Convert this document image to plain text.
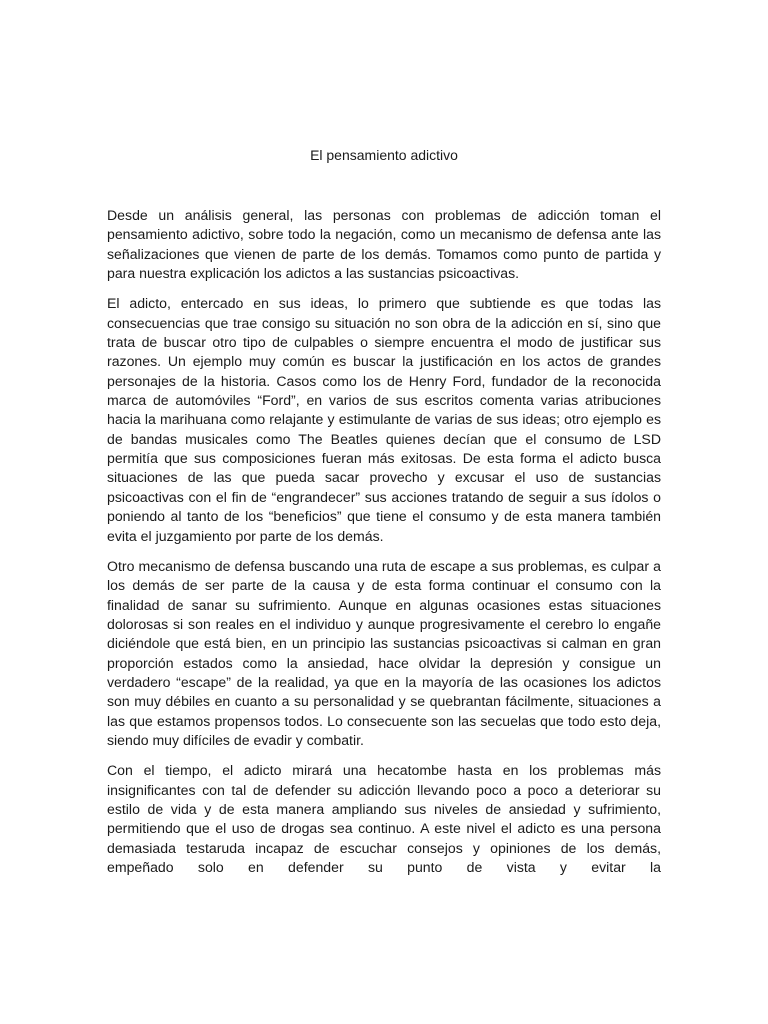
El pensamiento adictivo

Desde un análisis general, las personas con problemas de adicción toman el pensamiento adictivo, sobre todo la negación, como un mecanismo de defensa ante las señalizaciones que vienen de parte de los demás. Tomamos como punto de partida y para nuestra explicación los adictos a las sustancias psicoactivas.

El adicto, entercado en sus ideas, lo primero que subtiende es que todas las consecuencias que trae consigo su situación no son obra de la adicción en sí, sino que trata de buscar otro tipo de culpables o siempre encuentra el modo de justificar sus razones. Un ejemplo muy común es buscar la justificación en los actos de grandes personajes de la historia. Casos como los de Henry Ford, fundador de la reconocida marca de automóviles “Ford”, en varios de sus escritos comenta varias atribuciones hacia la marihuana como relajante y estimulante de varias de sus ideas; otro ejemplo es de bandas musicales como The Beatles quienes decían que el consumo de LSD permitía que sus composiciones fueran más exitosas. De esta forma el adicto busca situaciones de las que pueda sacar provecho y excusar el uso de sustancias psicoactivas con el fin de “engrandecer” sus acciones tratando de seguir a sus ídolos o poniendo al tanto de los “beneficios” que tiene el consumo y de esta manera también evita el juzgamiento por parte de los demás.

Otro mecanismo de defensa buscando una ruta de escape a sus problemas, es culpar a los demás de ser parte de la causa y de esta forma continuar el consumo con la finalidad de sanar su sufrimiento. Aunque en algunas ocasiones estas situaciones dolorosas si son reales en el individuo y aunque progresivamente el cerebro lo engañe diciéndole que está bien, en un principio las sustancias psicoactivas si calman en gran proporción estados como la ansiedad, hace olvidar la depresión y consigue un verdadero “escape” de la realidad, ya que en la mayoría de las ocasiones los adictos son muy débiles en cuanto a su personalidad y se quebrantan fácilmente, situaciones a las que estamos propensos todos. Lo consecuente son las secuelas que todo esto deja, siendo muy difíciles de evadir y combatir.

Con el tiempo, el adicto mirará una hecatombe hasta en los problemas más insignificantes con tal de defender su adicción llevando poco a poco a deteriorar su estilo de vida y de esta manera ampliando sus niveles de ansiedad y sufrimiento, permitiendo que el uso de drogas sea continuo. A este nivel el adicto es una persona demasiada testaruda incapaz de escuchar consejos y opiniones de los demás, empeñado solo en defender su punto de vista y evitar la
